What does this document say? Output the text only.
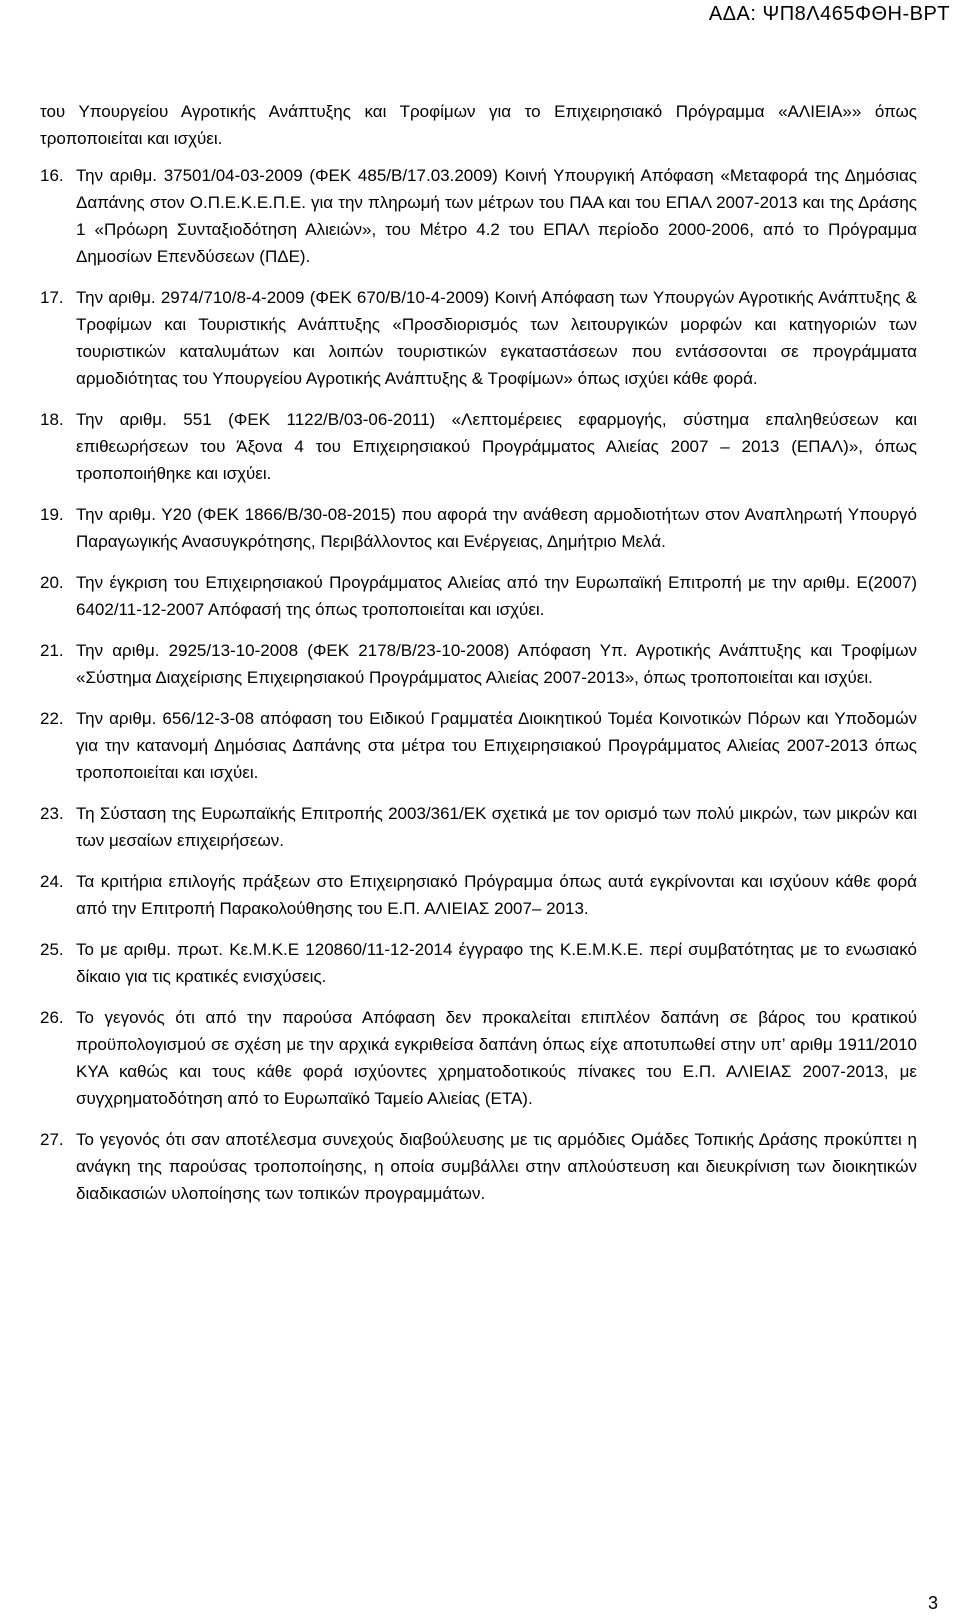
ΑΔΑ: ΨΠ8Λ465ΦΘΗ-ΒΡΤ

του Υπουργείου Αγροτικής Ανάπτυξης και Τροφίμων για το Επιχειρησιακό Πρόγραμμα «ΑΛΙΕΙΑ»» όπως τροποποιείται και ισχύει.

16. Την αριθμ. 37501/04-03-2009 (ΦΕΚ 485/Β/17.03.2009) Κοινή Υπουργική Απόφαση «Μεταφορά της Δημόσιας Δαπάνης στον Ο.Π.Ε.Κ.Ε.Π.Ε. για την πληρωμή των μέτρων του ΠΑΑ και του ΕΠΑΛ 2007-2013 και της Δράσης 1 «Πρόωρη Συνταξιοδότηση Αλιειών», του Μέτρο 4.2 του ΕΠΑΛ περίοδο 2000-2006, από το Πρόγραμμα Δημοσίων Επενδύσεων (ΠΔΕ).
17. Την αριθμ. 2974/710/8-4-2009 (ΦΕΚ 670/Β/10-4-2009) Κοινή Απόφαση των Υπουργών Αγροτικής Ανάπτυξης & Τροφίμων και Τουριστικής Ανάπτυξης «Προσδιορισμός των λειτουργικών μορφών και κατηγοριών των τουριστικών καταλυμάτων και λοιπών τουριστικών εγκαταστάσεων που εντάσσονται σε προγράμματα αρμοδιότητας του Υπουργείου Αγροτικής Ανάπτυξης & Τροφίμων» όπως ισχύει κάθε φορά.
18. Την αριθμ. 551 (ΦΕΚ 1122/Β/03-06-2011) «Λεπτομέρειες εφαρμογής, σύστημα επαληθεύσεων και επιθεωρήσεων του Άξονα 4 του Επιχειρησιακού Προγράμματος Αλιείας 2007 – 2013 (ΕΠΑΛ)», όπως τροποποιήθηκε και ισχύει.
19. Την αριθμ. Υ20 (ΦΕΚ 1866/Β/30-08-2015) που αφορά την ανάθεση αρμοδιοτήτων στον Αναπληρωτή Υπουργό Παραγωγικής Ανασυγκρότησης, Περιβάλλοντος και Ενέργειας, Δημήτριο Μελά.
20. Την έγκριση του Επιχειρησιακού Προγράμματος Αλιείας από την Ευρωπαϊκή Επιτροπή με την αριθμ. Ε(2007) 6402/11-12-2007 Απόφασή της όπως τροποποιείται και ισχύει.
21. Την αριθμ. 2925/13-10-2008 (ΦΕΚ 2178/Β/23-10-2008) Απόφαση Υπ. Αγροτικής Ανάπτυξης και Τροφίμων «Σύστημα Διαχείρισης Επιχειρησιακού Προγράμματος Αλιείας 2007-2013», όπως τροποποιείται και ισχύει.
22. Την αριθμ. 656/12-3-08 απόφαση του Ειδικού Γραμματέα Διοικητικού Τομέα Κοινοτικών Πόρων και Υποδομών για την κατανομή Δημόσιας Δαπάνης στα μέτρα του Επιχειρησιακού Προγράμματος Αλιείας 2007-2013 όπως τροποποιείται και ισχύει.
23. Τη Σύσταση της Ευρωπαϊκής Επιτροπής 2003/361/ΕΚ σχετικά με τον ορισμό των πολύ μικρών, των μικρών και των μεσαίων επιχειρήσεων.
24. Τα κριτήρια επιλογής πράξεων στο Επιχειρησιακό Πρόγραμμα όπως αυτά εγκρίνονται και ισχύουν κάθε φορά από την Επιτροπή Παρακολούθησης του Ε.Π. ΑΛΙΕΙΑΣ 2007– 2013.
25. Το με αριθμ. πρωτ. Κε.Μ.Κ.Ε 120860/11-12-2014 έγγραφο της Κ.Ε.Μ.Κ.Ε. περί συμβατότητας με το ενωσιακό δίκαιο για τις κρατικές ενισχύσεις.
26. Το γεγονός ότι από την παρούσα Απόφαση δεν προκαλείται επιπλέον δαπάνη σε βάρος του κρατικού προϋπολογισμού σε σχέση με την αρχικά εγκριθείσα δαπάνη όπως είχε αποτυπωθεί στην υπ’ αριθμ 1911/2010 ΚΥΑ καθώς και τους κάθε φορά ισχύοντες χρηματοδοτικούς πίνακες του Ε.Π. ΑΛΙΕΙΑΣ 2007-2013, με συγχρηματοδότηση από το Ευρωπαϊκό Ταμείο Αλιείας (ΕΤΑ).
27. Το γεγονός ότι σαν αποτέλεσμα συνεχούς διαβούλευσης με τις αρμόδιες Ομάδες Τοπικής Δράσης προκύπτει η ανάγκη της παρούσας τροποποίησης, η οποία συμβάλλει στην απλούστευση και διευκρίνιση των διοικητικών διαδικασιών υλοποίησης των τοπικών προγραμμάτων.
3
